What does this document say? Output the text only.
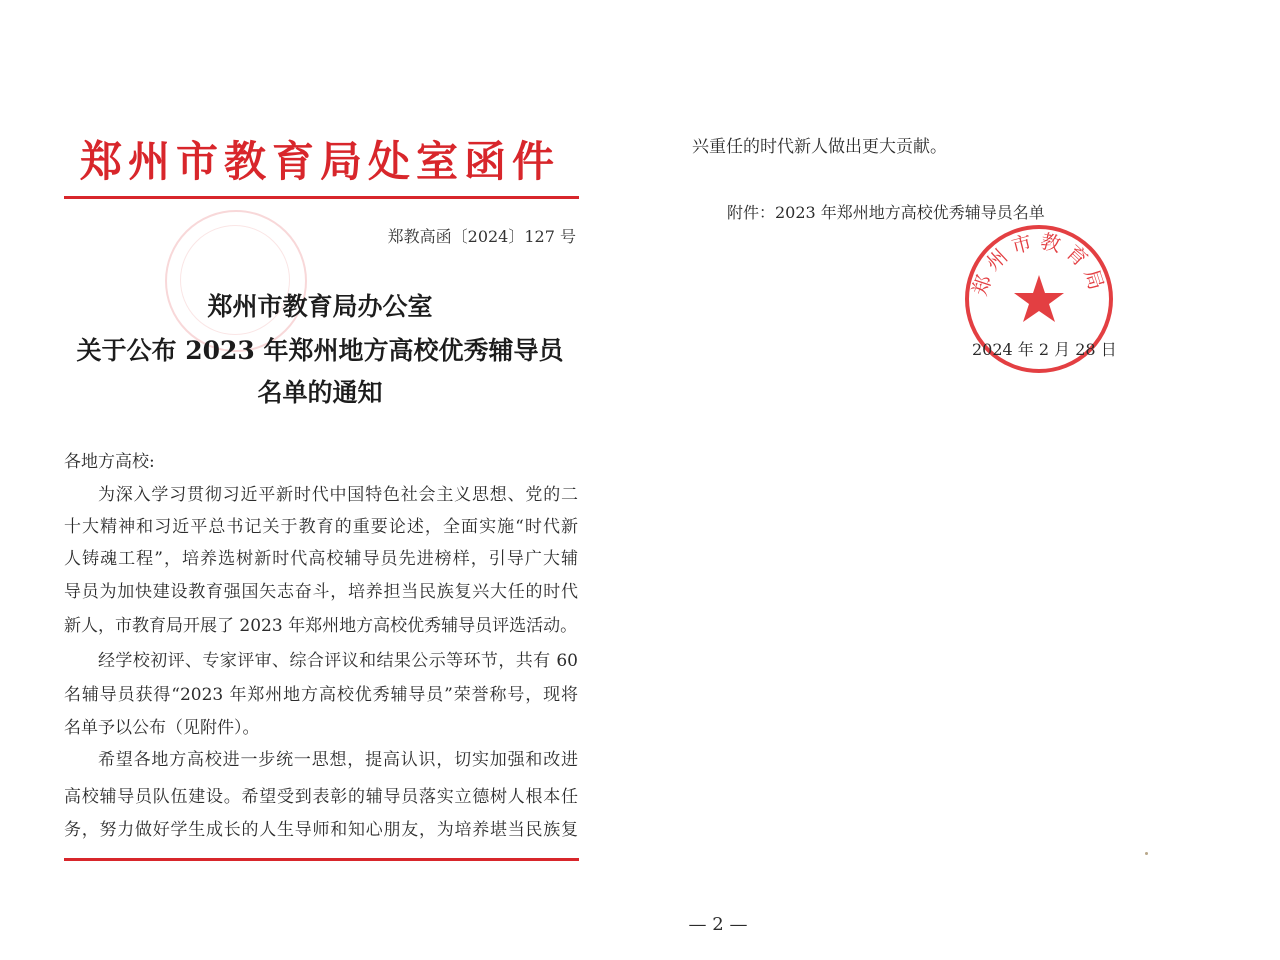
郑州市教育局处室函件
郑教高函〔2024〕127 号
郑州市教育局办公室
关于公布 2023 年郑州地方高校优秀辅导员
名单的通知
各地方高校:
为深入学习贯彻习近平新时代中国特色社会主义思想、党的二
十大精神和习近平总书记关于教育的重要论述，全面实施“时代新
人铸魂工程”，培养选树新时代高校辅导员先进榜样，引导广大辅
导员为加快建设教育强国矢志奋斗，培养担当民族复兴大任的时代
新人，市教育局开展了 2023 年郑州地方高校优秀辅导员评选活动。
经学校初评、专家评审、综合评议和结果公示等环节，共有 60
名辅导员获得“2023 年郑州地方高校优秀辅导员”荣誉称号，现将
名单予以公布（见附件）。
希望各地方高校进一步统一思想，提高认识，切实加强和改进
高校辅导员队伍建设。希望受到表彰的辅导员落实立德树人根本任
务，努力做好学生成长的人生导师和知心朋友，为培养堪当民族复
兴重任的时代新人做出更大贡献。
附件：2023 年郑州地方高校优秀辅导员名单
郑州市教育局
2024 年 2 月 28 日
— 2 —
